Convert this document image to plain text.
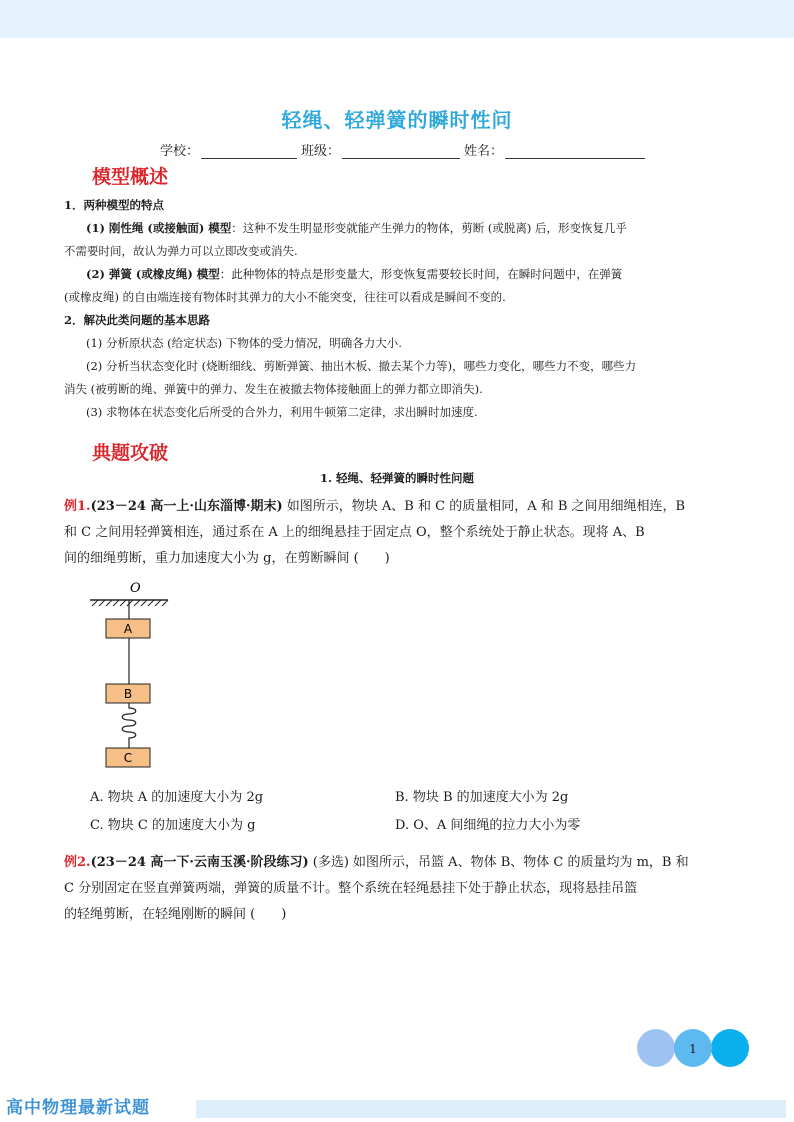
轻绳、轻弹簧的瞬时性问
学校：	班级：	姓名：
模型概述
1．两种模型的特点
(1) 刚性绳 (或接触面) 模型：这种不发生明显形变就能产生弹力的物体，剪断 (或脱离) 后，形变恢复几乎
不需要时间，故认为弹力可以立即改变或消失.
(2) 弹簧 (或橡皮绳) 模型：此种物体的特点是形变量大，形变恢复需要较长时间，在瞬时问题中，在弹簧
(或橡皮绳) 的自由端连接有物体时其弹力的大小不能突变，往往可以看成是瞬间不变的.
2．解决此类问题的基本思路
(1) 分析原状态 (给定状态) 下物体的受力情况，明确各力大小.
(2) 分析当状态变化时 (烧断细线、剪断弹簧、抽出木板、撤去某个力等)，哪些力变化，哪些力不变，哪些力
消失 (被剪断的绳、弹簧中的弹力、发生在被撤去物体接触面上的弹力都立即消失).
(3) 求物体在状态变化后所受的合外力，利用牛顿第二定律，求出瞬时加速度.
典题攻破
1. 轻绳、轻弹簧的瞬时性问题
例1.(23－24 高一上·山东淄博·期末) 如图所示，物块 A、B 和 C 的质量相同，A 和 B 之间用细绳相连，B
和 C 之间用轻弹簧相连，通过系在 A 上的细绳悬挂于固定点 O，整个系统处于静止状态。现将 A、B
间的细绳剪断，重力加速度大小为 g，在剪断瞬间 (　　)
O
A
B
C
A. 物块 A 的加速度大小为 2g	B. 物块 B 的加速度大小为 2g
C. 物块 C 的加速度大小为 g	D. O、A 间细绳的拉力大小为零
例2.(23－24 高一下·云南玉溪·阶段练习) (多选) 如图所示，吊篮 A、物体 B、物体 C 的质量均为 m，B 和
C 分别固定在竖直弹簧两端，弹簧的质量不计。整个系统在轻绳悬挂下处于静止状态，现将悬挂吊篮
的轻绳剪断，在轻绳刚断的瞬间 (　　)
1
高中物理最新试题
